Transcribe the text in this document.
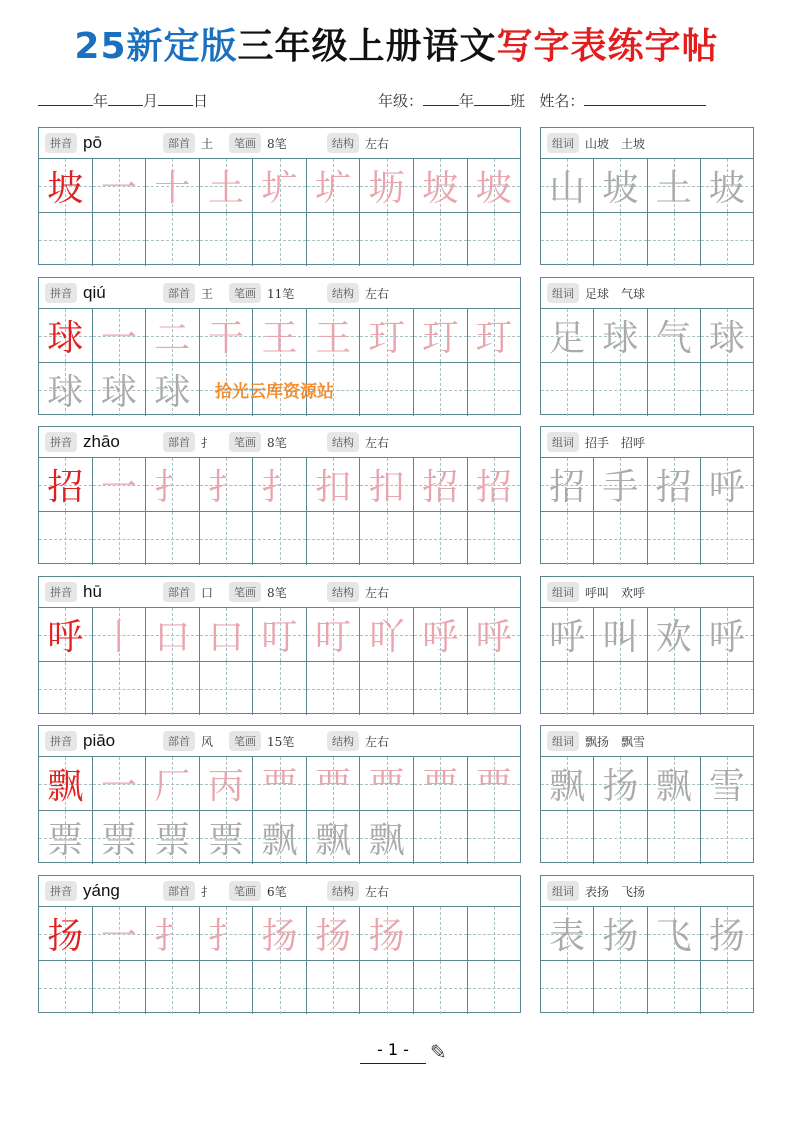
25新定版三年级上册语文写字表练字帖
年 月 日	年级： 年 班 姓名：
拼音 pō	部首 土	笔画 8笔	结构 左右
坡 一 十 土 圹 圹 坜 坡 坡
组词 山坡　土坡
山 坡 土 坡
拼音 qiú	部首 王	笔画 11笔	结构 左右
球 一 二 干 王 王 玎 玎 玎
球 球 球
组词 足球　气球
足 球 气 球
拼音 zhāo	部首 扌	笔画 8笔	结构 左右
招 一 扌 扌 扌 扣 扣 招 招
组词 招手　招呼
招 手 招 呼
拼音 hū	部首 口	笔画 8笔	结构 左右
呼 丨 口 口 叮 叮 吖 呼 呼
组词 呼叫　欢呼
呼 叫 欢 呼
拼音 piāo	部首 风	笔画 15笔	结构 左右
飘 一 厂 丙 覀 覀 覀 覀 覀
票 票 票 票 飘 飘 飘
组词 飘扬　飘雪
飘 扬 飘 雪
拼音 yáng	部首 扌	笔画 6笔	结构 左右
扬 一 扌 扌 扬 扬 扬
组词 表扬　飞扬
表 扬 飞 扬
拾光云库资源站
- 1 -	✎
